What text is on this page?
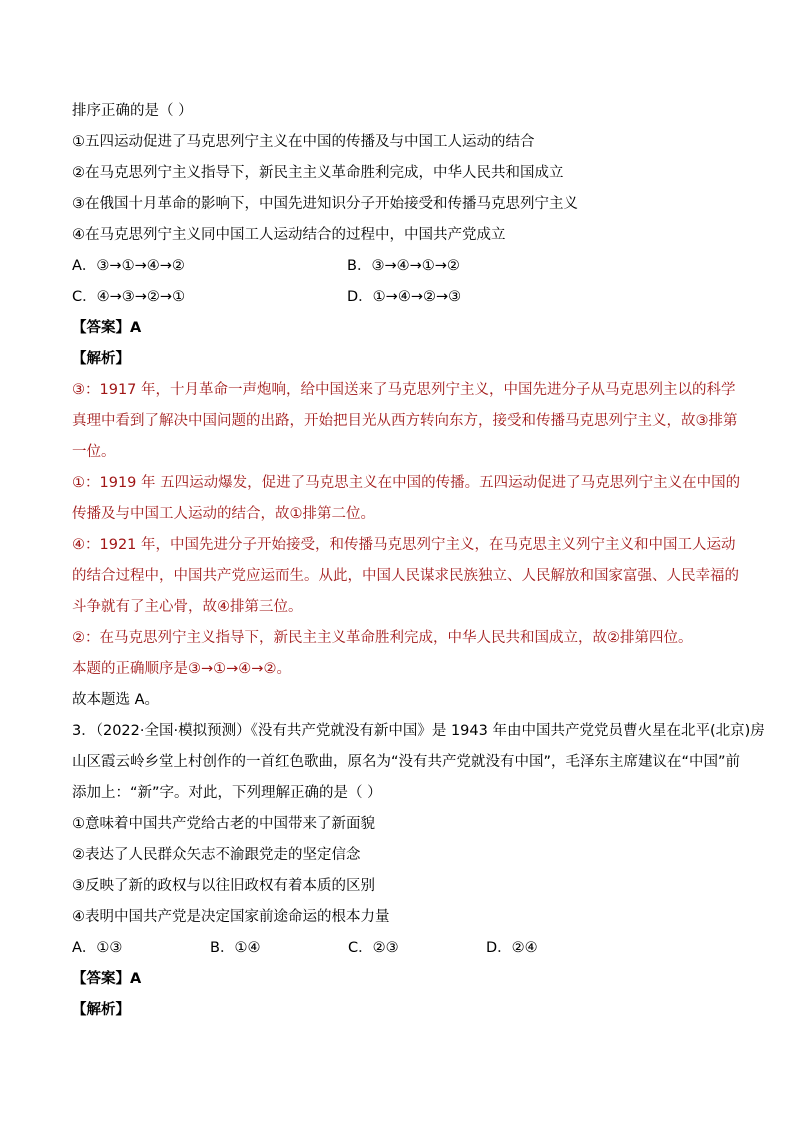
排序正确的是（ ）
①五四运动促进了马克思列宁主义在中国的传播及与中国工人运动的结合
②在马克思列宁主义指导下，新民主主义革命胜利完成，中华人民共和国成立
③在俄国十月革命的影响下，中国先进知识分子开始接受和传播马克思列宁主义
④在马克思列宁主义同中国工人运动结合的过程中，中国共产党成立
A．③→①→④→②	B．③→④→①→②
C．④→③→②→①	D．①→④→②→③
【答案】A
【解析】
③：1917 年，十月革命一声炮响，给中国送来了马克思列宁主义，中国先进分子从马克思列主以的科学
真理中看到了解决中国问题的出路，开始把目光从西方转向东方，接受和传播马克思列宁主义，故③排第
一位。
①：1919 年 五四运动爆发，促进了马克思主义在中国的传播。五四运动促进了马克思列宁主义在中国的
传播及与中国工人运动的结合，故①排第二位。
④：1921 年，中国先进分子开始接受，和传播马克思列宁主义，在马克思主义列宁主义和中国工人运动
的结合过程中，中国共产党应运而生。从此，中国人民谋求民族独立、人民解放和国家富强、人民幸福的
斗争就有了主心骨，故④排第三位。
②：在马克思列宁主义指导下，新民主主义革命胜利完成，中华人民共和国成立，故②排第四位。
本题的正确顺序是③→①→④→②。
故本题选 A。
3．（2022·全国·模拟预测）《没有共产党就没有新中国》是 1943 年由中国共产党党员曹火星在北平(北京)房
山区霞云岭乡堂上村创作的一首红色歌曲，原名为“没有共产党就没有中国”，毛泽东主席建议在“中国”前
添加上：“新”字。对此，下列理解正确的是（ ）
①意味着中国共产党给古老的中国带来了新面貌
②表达了人民群众矢志不渝跟党走的坚定信念
③反映了新的政权与以往旧政权有着本质的区别
④表明中国共产党是决定国家前途命运的根本力量
A．①③	B．①④	C．②③	D．②④
【答案】A
【解析】
